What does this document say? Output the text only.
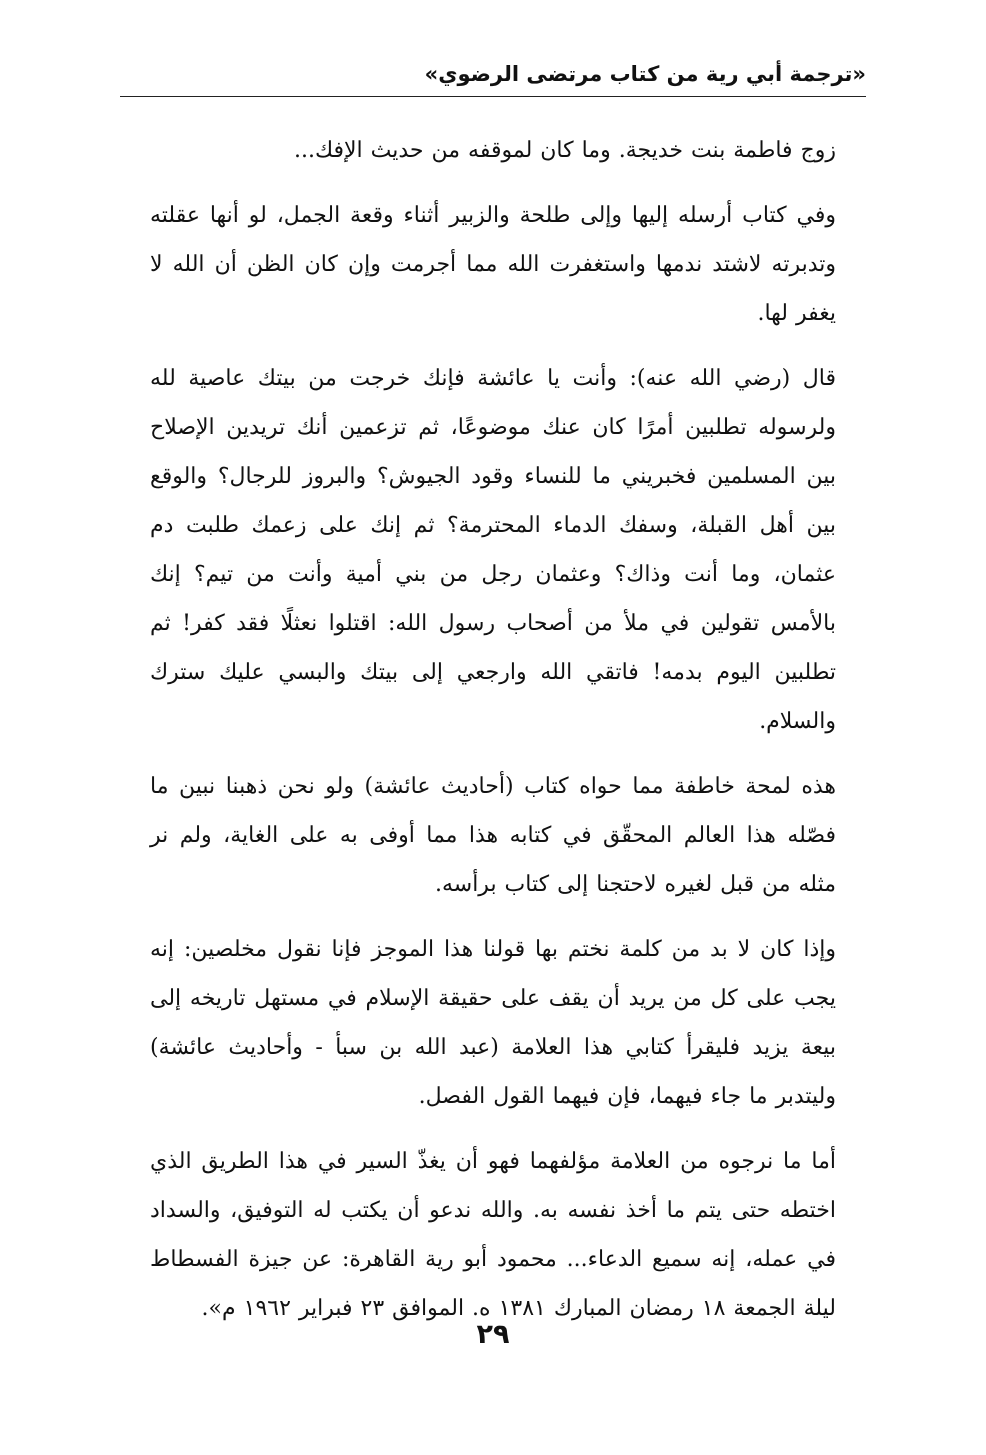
«ترجمة أبي رية من كتاب مرتضى الرضوي»

زوج فاطمة بنت خديجة. وما كان لموقفه من حديث الإفك...

وفي كتاب أرسله إليها وإلى طلحة والزبير أثناء وقعة الجمل، لو أنها عقلته وتدبرته لاشتد ندمها واستغفرت الله مما أجرمت وإن كان الظن أن الله لا يغفر لها.

قال (رضي الله عنه): وأنت يا عائشة فإنك خرجت من بيتك عاصية لله ولرسوله تطلبين أمرًا كان عنك موضوعًا، ثم تزعمين أنك تريدين الإصلاح بين المسلمين فخبريني ما للنساء وقود الجيوش؟ والبروز للرجال؟ والوقع بين أهل القبلة، وسفك الدماء المحترمة؟ ثم إنك على زعمك طلبت دم عثمان، وما أنت وذاك؟ وعثمان رجل من بني أمية وأنت من تيم؟ إنك بالأمس تقولين في ملأ من أصحاب رسول الله: اقتلوا نعثلًا فقد كفر! ثم تطلبين اليوم بدمه! فاتقي الله وارجعي إلى بيتك والبسي عليك سترك والسلام.

هذه لمحة خاطفة مما حواه كتاب (أحاديث عائشة) ولو نحن ذهبنا نبين ما فصّله هذا العالم المحقّق في كتابه هذا مما أوفى به على الغاية، ولم نر مثله من قبل لغيره لاحتجنا إلى كتاب برأسه.

وإذا كان لا بد من كلمة نختم بها قولنا هذا الموجز فإنا نقول مخلصين: إنه يجب على كل من يريد أن يقف على حقيقة الإسلام في مستهل تاريخه إلى بيعة يزيد فليقرأ كتابي هذا العلامة (عبد الله بن سبأ - وأحاديث عائشة) وليتدبر ما جاء فيهما، فإن فيهما القول الفصل.

أما ما نرجوه من العلامة مؤلفهما فهو أن يغذّ السير في هذا الطريق الذي اختطه حتى يتم ما أخذ نفسه به. والله ندعو أن يكتب له التوفيق، والسداد في عمله، إنه سميع الدعاء... محمود أبو رية القاهرة: عن جيزة الفسطاط ليلة الجمعة ١٨ رمضان المبارك ١٣٨١ ه. الموافق ٢٣ فبراير ١٩٦٢ م».

٢٩
